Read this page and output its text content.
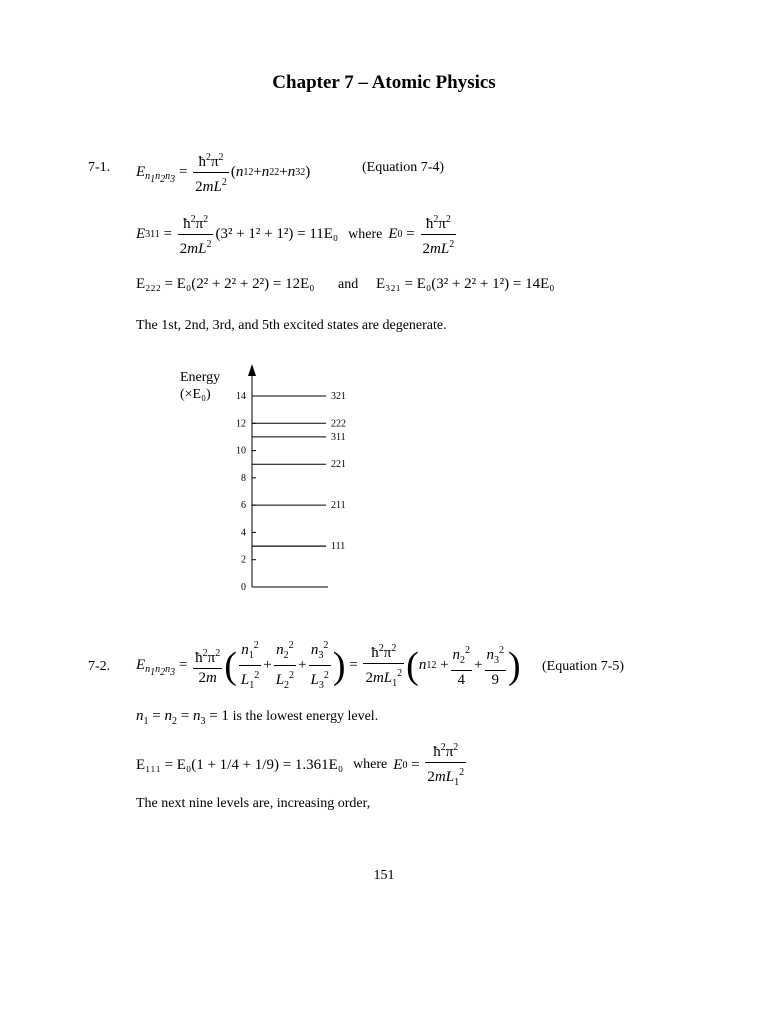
Chapter 7 – Atomic Physics
7-1. $E_{n_1n_2n_3} = \frac{ħ^2\pi^2}{2mL^2}$ ( n 1 2 + n 2 2 + n 3 2 )	(Equation 7-4)
E $311 = \frac{ħ^2\pi^2}{2mL^2} (3^2 + 1^2 + 1^2) = 11E_0$ where E $0 = \frac{ħ^2\pi^2}{2mL^2}$
E₂₂₂ = E₀(2² + 2² + 2²) = 12E₀ and E₃₂₁ = E₀(3² + 2² + 1²) = 14E₀
The 1st, 2nd, 3rd, and 5th excited states are degenerate.
Energy
(×E₀)
0
2
4
6
8
10
12
14
111
211
221
311
222
321
7-2. $E_{n_1n_2n_3} = \frac{ħ^2\pi^2}{2m}$ ( $\frac{n_1^2}{L_1^2} + \frac{n_2^2}{L_2^2} + \frac{n_3^2}{L_3^2}$ ) = $\frac{ħ^2\pi^2}{2mL_1^2}$ ( n 1 $2 + \frac{n_2^2}{4} + \frac{n_3^2}{9}$ ) (Equation 7-5)
$n_1 = n_2 = n_3 = 1$ is the lowest energy level.
E₁₁₁ = E₀(1 + 1/4 + 1/9) = 1.361E₀ where E $0 = \frac{ħ^2\pi^2}{2mL_1^2}$
The next nine levels are, increasing order,
151
